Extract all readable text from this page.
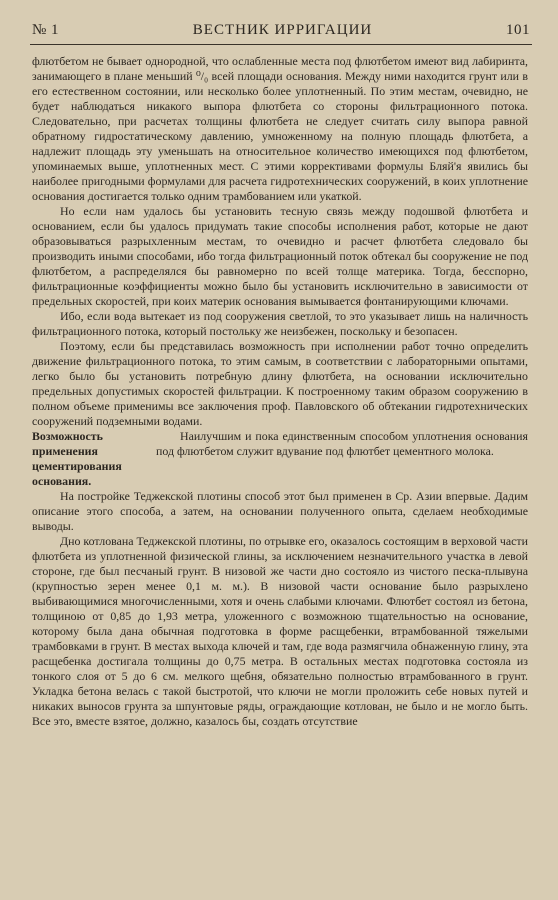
№ 1	ВЕСТНИК ИРРИГАЦИИ	101

флютбетом не бывает однородной, что ослабленные места под флютбетом имеют вид лабиринта, занимающего в плане меньший ⁰/₀ всей площади основания. Между ними находится грунт или в его естественном состоянии, или несколько более уплотненный. По этим местам, очевидно, не будет наблюдаться никакого выпора флютбета со стороны фильтрационного потока. Следовательно, при расчетах толщины флютбета не следует считать силу выпора равной обратному гидростатическому давлению, умноженному на полную площадь флютбета, а надлежит площадь эту уменьшать на относительное количество имеющихся под флютбетом, упоминаемых выше, уплотненных мест. С этими коррективами формулы Бляй'я явились бы наиболее пригодными формулами для расчета гидротехнических сооружений, в коих уплотнение основания достигается только одним трамбованием или укаткой.

Но если нам удалось бы установить тесную связь между подошвой флютбета и основанием, если бы удалось придумать такие способы исполнения работ, которые не дают образовываться разрыхленным местам, то очевидно и расчет флютбета следовало бы производить иными способами, ибо тогда фильтрационный поток обтекал бы сооружение не под флютбетом, а распределялся бы равномерно по всей толще материка. Тогда, бесспорно, фильтрационные коэффициенты можно было бы установить исключительно в зависимости от предельных скоростей, при коих материк основания вымывается фонтанирующими ключами.

Ибо, если вода вытекает из под сооружения светлой, то это указывает лишь на наличность фильтрационного потока, который постольку же неизбежен, поскольку и безопасен.

Поэтому, если бы представилась возможность при исполнении работ точно определить движение фильтрационного потока, то этим самым, в соответствии с лабораторными опытами, легко было бы установить потребную длину флютбета, на основании исключительно предельных допустимых скоростей фильтрации. К построенному таким образом сооружению в полном объеме применимы все заключения проф. Павловского об обтекании гидротехнических сооружений подземными водами.

Возможность применения цементирования основания.

Наилучшим и пока единственным способом уплотнения основания под флютбетом служит вдувание под флютбет цементного молока.

На постройке Теджекской плотины способ этот был применен в Ср. Азии впервые. Дадим описание этого способа, а затем, на основании полученного опыта, сделаем необходимые выводы.

Дно котлована Теджекской плотины, по отрывке его, оказалось состоящим в верховой части флютбета из уплотненной физической глины, за исключением незначительного участка в левой стороне, где был песчаный грунт. В низовой же части дно состояло из чистого песка-плывуна (крупностью зерен менее 0,1 м. м.). В низовой части основание было разрыхлено выбивающимися многочисленными, хотя и очень слабыми ключами. Флютбет состоял из бетона, толщиною от 0,85 до 1,93 метра, уложенного с возможною тщательностью на основание, которому была дана обычная подготовка в форме расщебенки, втрамбованной тяжелыми трамбовками в грунт. В местах выхода ключей и там, где вода размягчила обнаженную глину, эта расщебенка достигала толщины до 0,75 метра. В остальных местах подготовка состояла из тонкого слоя от 5 до 6 см. мелкого щебня, обязательно полностью втрамбованного в грунт. Укладка бетона велась с такой быстротой, что ключи не могли проложить себе новых путей и никаких выносов грунта за шпунтовые ряды, ограждающие котлован, не было и не могло быть. Все это, вместе взятое, должно, казалось бы, создать отсутствие
